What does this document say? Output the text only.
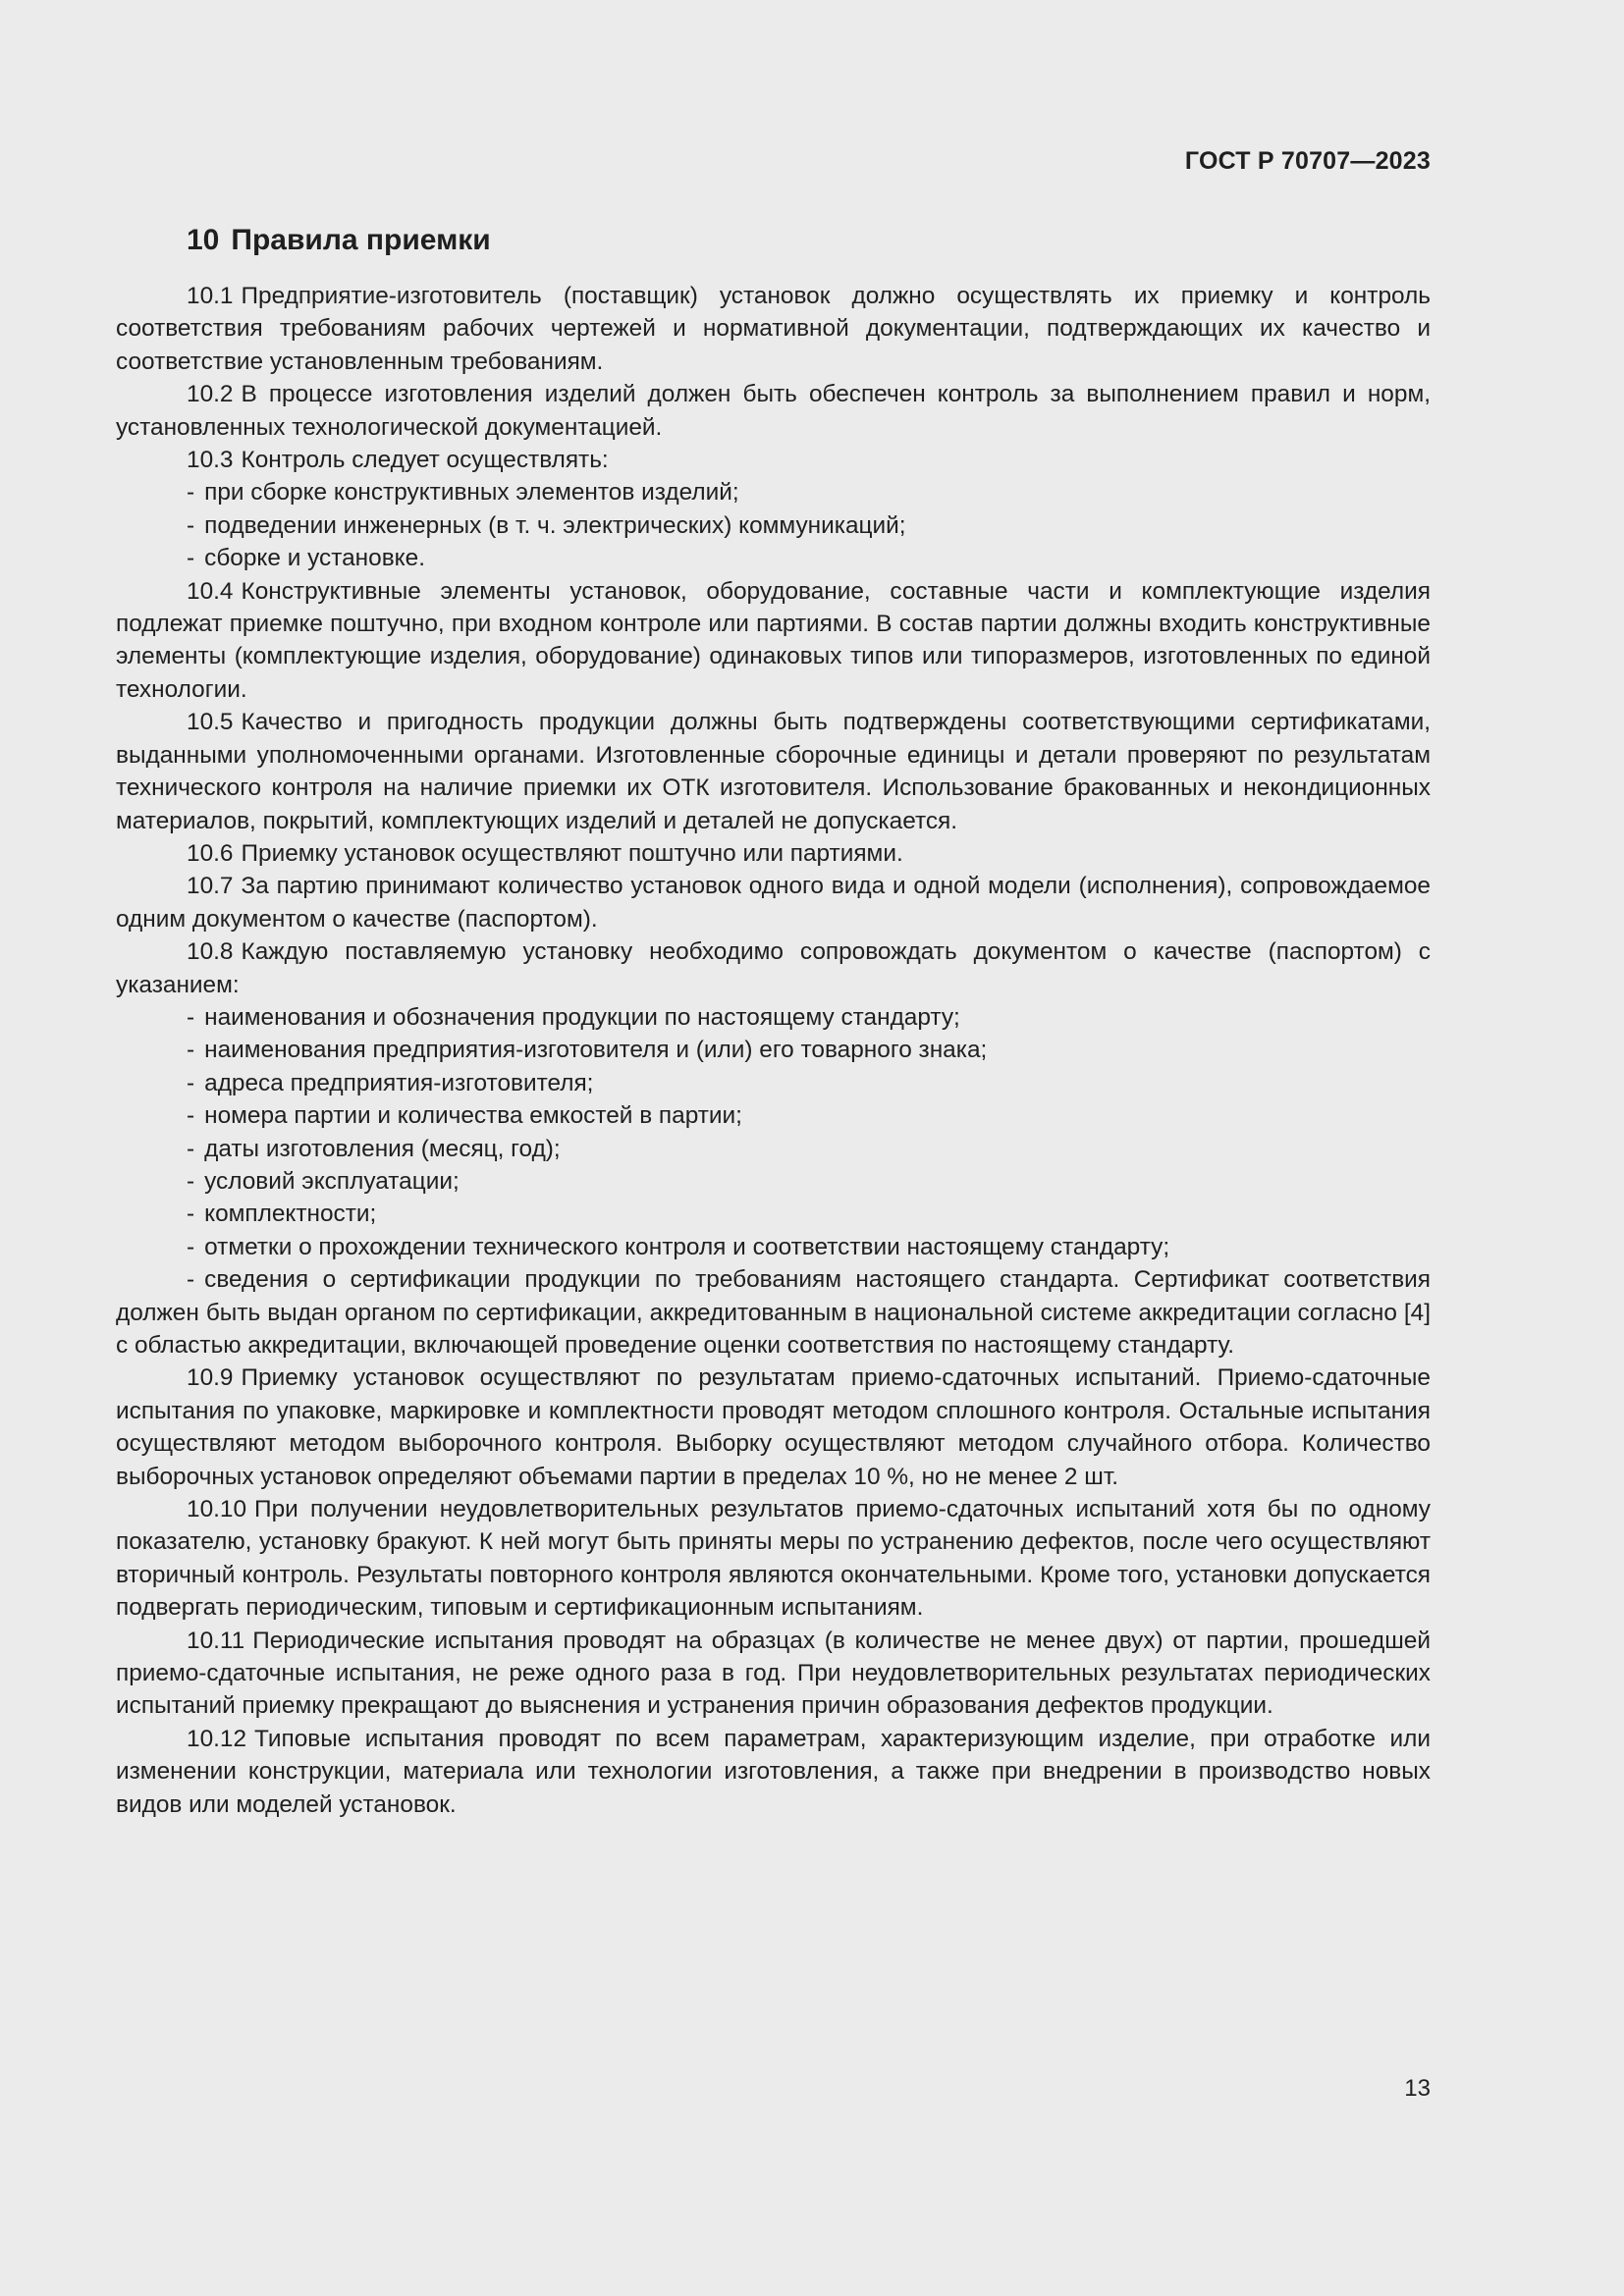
ГОСТ Р 70707—2023
10 Правила приемки

10.1 Предприятие-изготовитель (поставщик) установок должно осуществлять их приемку и контроль соответствия требованиям рабочих чертежей и нормативной документации, подтверждающих их качество и соответствие установленным требованиям.

10.2 В процессе изготовления изделий должен быть обеспечен контроль за выполнением правил и норм, установленных технологической документацией.

10.3 Контроль следует осуществлять:

- при сборке конструктивных элементов изделий;

- подведении инженерных (в т. ч. электрических) коммуникаций;

- сборке и установке.

10.4 Конструктивные элементы установок, оборудование, составные части и комплектующие изделия подлежат приемке поштучно, при входном контроле или партиями. В состав партии должны входить конструктивные элементы (комплектующие изделия, оборудование) одинаковых типов или типоразмеров, изготовленных по единой технологии.

10.5 Качество и пригодность продукции должны быть подтверждены соответствующими сертификатами, выданными уполномоченными органами. Изготовленные сборочные единицы и детали проверяют по результатам технического контроля на наличие приемки их ОТК изготовителя. Использование бракованных и некондиционных материалов, покрытий, комплектующих изделий и деталей не допускается.

10.6 Приемку установок осуществляют поштучно или партиями.

10.7 За партию принимают количество установок одного вида и одной модели (исполнения), сопровождаемое одним документом о качестве (паспортом).

10.8 Каждую поставляемую установку необходимо сопровождать документом о качестве (паспортом) с указанием:

- наименования и обозначения продукции по настоящему стандарту;

- наименования предприятия-изготовителя и (или) его товарного знака;

- адреса предприятия-изготовителя;

- номера партии и количества емкостей в партии;

- даты изготовления (месяц, год);

- условий эксплуатации;

- комплектности;

- отметки о прохождении технического контроля и соответствии настоящему стандарту;

- сведения о сертификации продукции по требованиям настоящего стандарта. Сертификат соответствия должен быть выдан органом по сертификации, аккредитованным в национальной системе аккредитации согласно [4] с областью аккредитации, включающей проведение оценки соответствия по настоящему стандарту.

10.9 Приемку установок осуществляют по результатам приемо-сдаточных испытаний. Приемо-сдаточные испытания по упаковке, маркировке и комплектности проводят методом сплошного контроля. Остальные испытания осуществляют методом выборочного контроля. Выборку осуществляют методом случайного отбора. Количество выборочных установок определяют объемами партии в пределах 10 %, но не менее 2 шт.

10.10 При получении неудовлетворительных результатов приемо-сдаточных испытаний хотя бы по одному показателю, установку бракуют. К ней могут быть приняты меры по устранению дефектов, после чего осуществляют вторичный контроль. Результаты повторного контроля являются окончательными. Кроме того, установки допускается подвергать периодическим, типовым и сертификационным испытаниям.

10.11 Периодические испытания проводят на образцах (в количестве не менее двух) от партии, прошедшей приемо-сдаточные испытания, не реже одного раза в год. При неудовлетворительных результатах периодических испытаний приемку прекращают до выяснения и устранения причин образования дефектов продукции.

10.12 Типовые испытания проводят по всем параметрам, характеризующим изделие, при отработке или изменении конструкции, материала или технологии изготовления, а также при внедрении в производство новых видов или моделей установок.

13
